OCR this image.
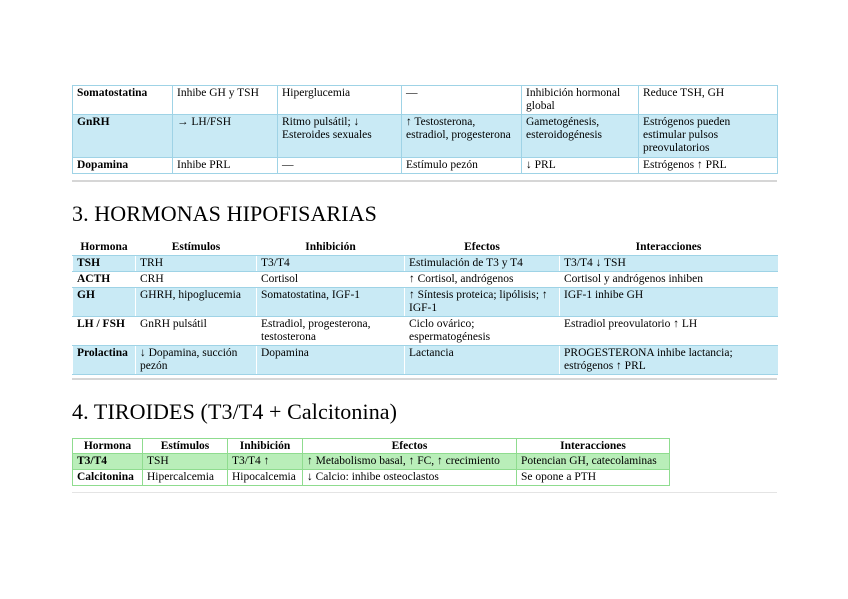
Somatostatina	Inhibe GH y TSH	Hiperglucemia	—	Inhibición hormonal global	Reduce TSH, GH
GnRH	→ LH/FSH	Ritmo pulsátil; ↓ Esteroides sexuales	↑ Testosterona, estradiol, progesterona	Gametogénesis, esteroidogénesis	Estrógenos pueden estimular pulsos preovulatorios
Dopamina	Inhibe PRL	—	Estímulo pezón	↓ PRL	Estrógenos ↑ PRL
3. HORMONAS HIPOFISARIAS
Hormona	Estímulos	Inhibición	Efectos	Interacciones
TSH	TRH	T3/T4	Estimulación de T3 y T4	T3/T4 ↓ TSH
ACTH	CRH	Cortisol	↑ Cortisol, andrógenos	Cortisol y andrógenos inhiben
GH	GHRH, hipoglucemia	Somatostatina, IGF-1	↑ Síntesis proteica; lipólisis; ↑ IGF-1	IGF-1 inhibe GH
LH / FSH	GnRH pulsátil	Estradiol, progesterona, testosterona	Ciclo ovárico; espermatogénesis	Estradiol preovulatorio ↑ LH
Prolactina	↓ Dopamina, succión pezón	Dopamina	Lactancia	PROGESTERONA inhibe lactancia; estrógenos ↑ PRL
4. TIROIDES (T3/T4 + Calcitonina)
Hormona	Estímulos	Inhibición	Efectos	Interacciones
T3/T4	TSH	T3/T4 ↑	↑ Metabolismo basal, ↑ FC, ↑ crecimiento	Potencian GH, catecolaminas
Calcitonina	Hipercalcemia	Hipocalcemia	↓ Calcio: inhibe osteoclastos	Se opone a PTH
